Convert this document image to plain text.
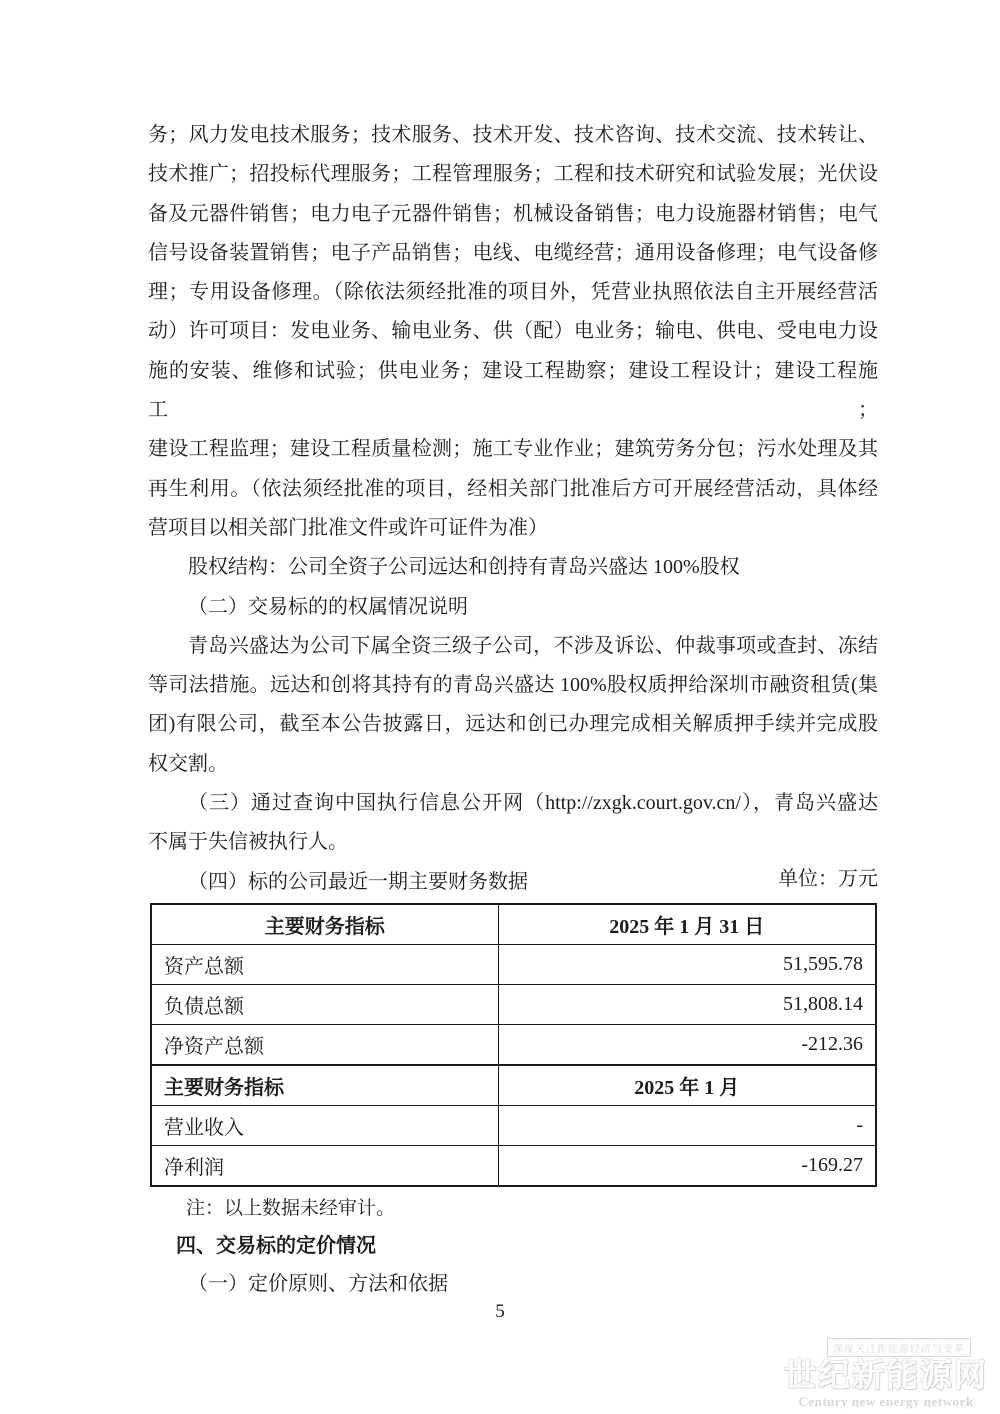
务；风力发电技术服务；技术服务、技术开发、技术咨询、技术交流、技术转让、
技术推广；招投标代理服务；工程管理服务；工程和技术研究和试验发展；光伏设
备及元器件销售；电力电子元器件销售；机械设备销售；电力设施器材销售；电气
信号设备装置销售；电子产品销售；电线、电缆经营；通用设备修理；电气设备修
理；专用设备修理。（除依法须经批准的项目外，凭营业执照依法自主开展经营活
动）许可项目：发电业务、输电业务、供（配）电业务；输电、供电、受电电力设
施的安装、维修和试验；供电业务；建设工程勘察；建设工程设计；建设工程施工；
建设工程监理；建设工程质量检测；施工专业作业；建筑劳务分包；污水处理及其
再生利用。（依法须经批准的项目，经相关部门批准后方可开展经营活动，具体经
营项目以相关部门批准文件或许可证件为准）
股权结构：公司全资子公司远达和创持有青岛兴盛达 100%股权
（二）交易标的的权属情况说明
青岛兴盛达为公司下属全资三级子公司，不涉及诉讼、仲裁事项或查封、冻结
等司法措施。远达和创将其持有的青岛兴盛达 100%股权质押给深圳市融资租赁(集
团)有限公司，截至本公告披露日，远达和创已办理完成相关解质押手续并完成股
权交割。
（三）通过查询中国执行信息公开网（http://zxgk.court.gov.cn/），青岛兴盛达
不属于失信被执行人。
（四）标的公司最近一期主要财务数据	单位：万元
主要财务指标	2025 年 1 月 31 日
资产总额	51,595.78
负债总额	51,808.14
净资产总额	-212.36
主要财务指标	2025 年 1 月
营业收入	-
净利润	-169.27
注：以上数据未经审计。
四、交易标的定价情况
（一）定价原则、方法和依据
5
深度关注新能源经济与变革
世纪新能源网
Century new energy network
